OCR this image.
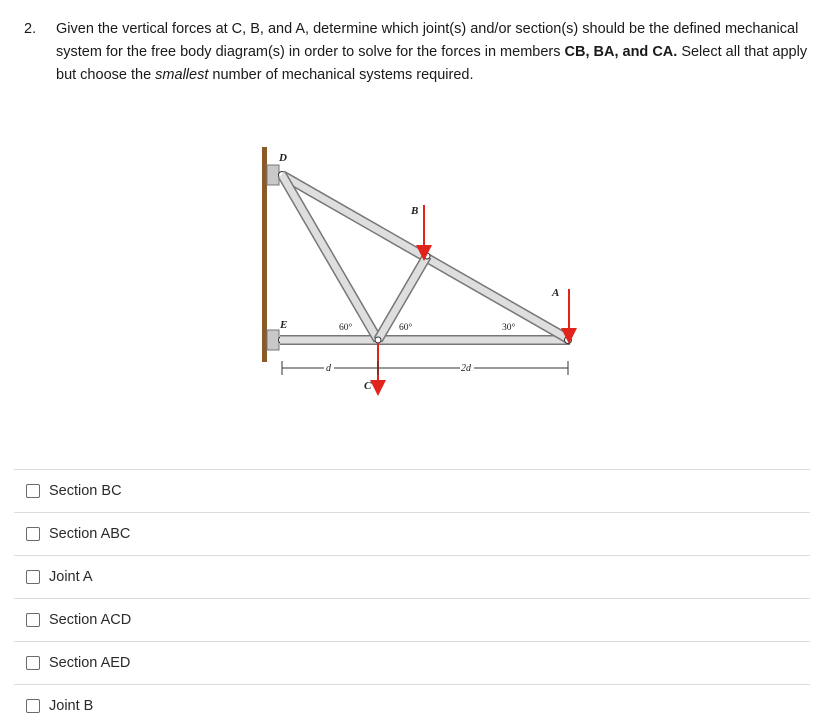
2.	Given the vertical forces at C, B, and A, determine which joint(s) and/or section(s) should be the defined mechanical system for the free body diagram(s) in order to solve for the forces in members CB, BA, and CA. Select all that apply but choose the smallest number of mechanical systems required.
D
B
A
E
C
60°	60°	30°
d	2d
Section BC
Section ABC
Joint A
Section ACD
Section AED
Joint B
